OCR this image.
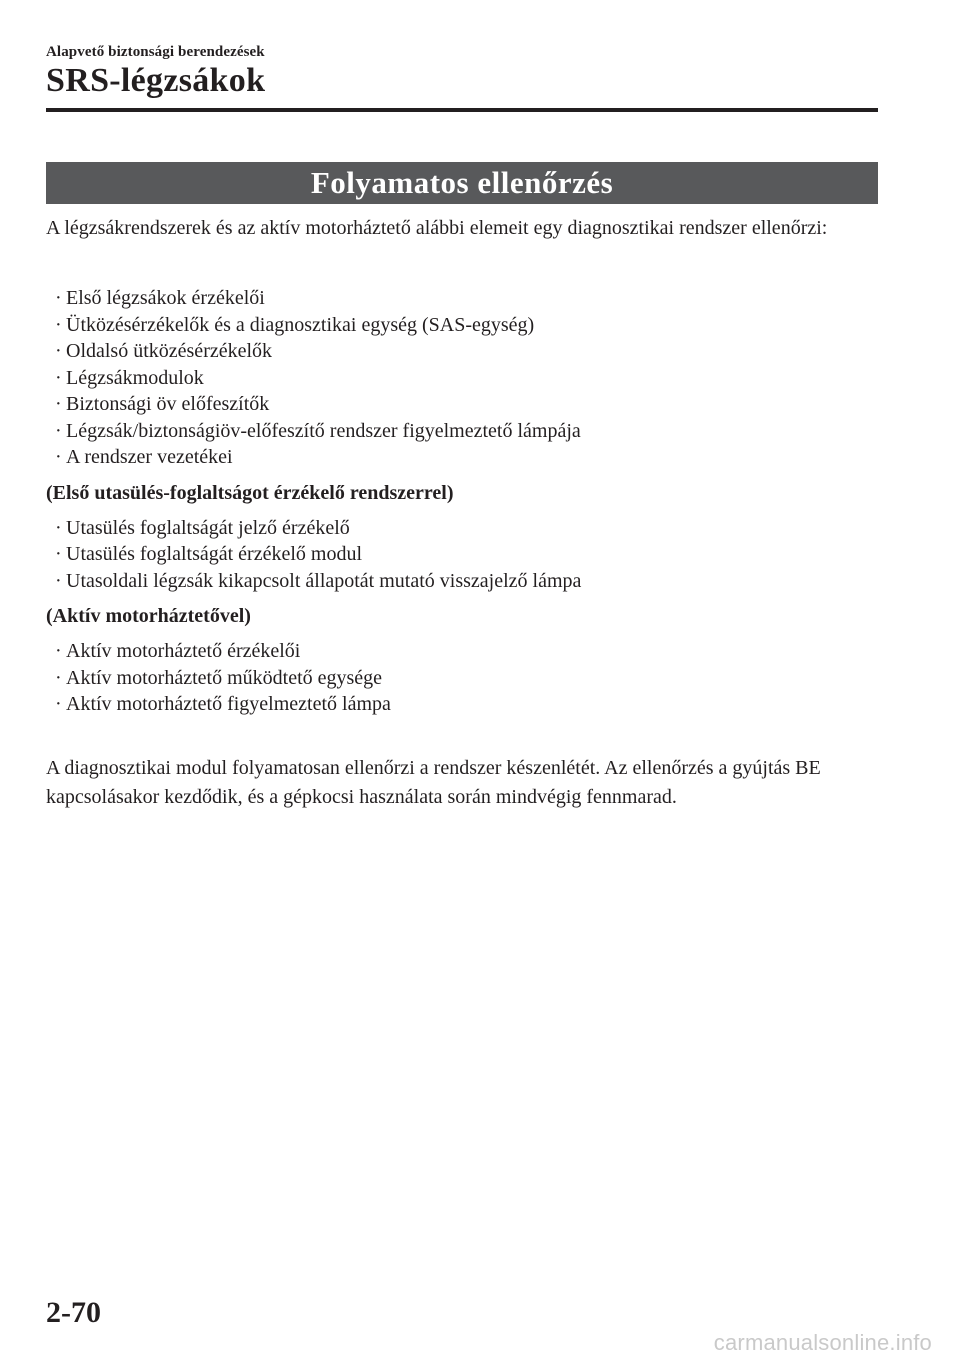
Alapvető biztonsági berendezések
SRS-légzsákok
Folyamatos ellenőrzés

A légzsákrendszerek és az aktív motorháztető alábbi elemeit egy diagnosztikai rendszer ellenőrzi:

· Első légzsákok érzékelői
· Ütközésérzékelők és a diagnosztikai egység (SAS-egység)
· Oldalsó ütközésérzékelők
· Légzsákmodulok
· Biztonsági öv előfeszítők
· Légzsák/biztonságiöv-előfeszítő rendszer figyelmeztető lámpája
· A rendszer vezetékei
(Első utasülés-foglaltságot érzékelő rendszerrel)
· Utasülés foglaltságát jelző érzékelő
· Utasülés foglaltságát érzékelő modul
· Utasoldali légzsák kikapcsolt állapotát mutató visszajelző lámpa
(Aktív motorháztetővel)
· Aktív motorháztető érzékelői
· Aktív motorháztető működtető egysége
· Aktív motorháztető figyelmeztető lámpa

A diagnosztikai modul folyamatosan ellenőrzi a rendszer készenlétét. Az ellenőrzés a gyújtás BE kapcsolásakor kezdődik, és a gépkocsi használata során mindvégig fennmarad.

2-70
carmanualsonline.info
